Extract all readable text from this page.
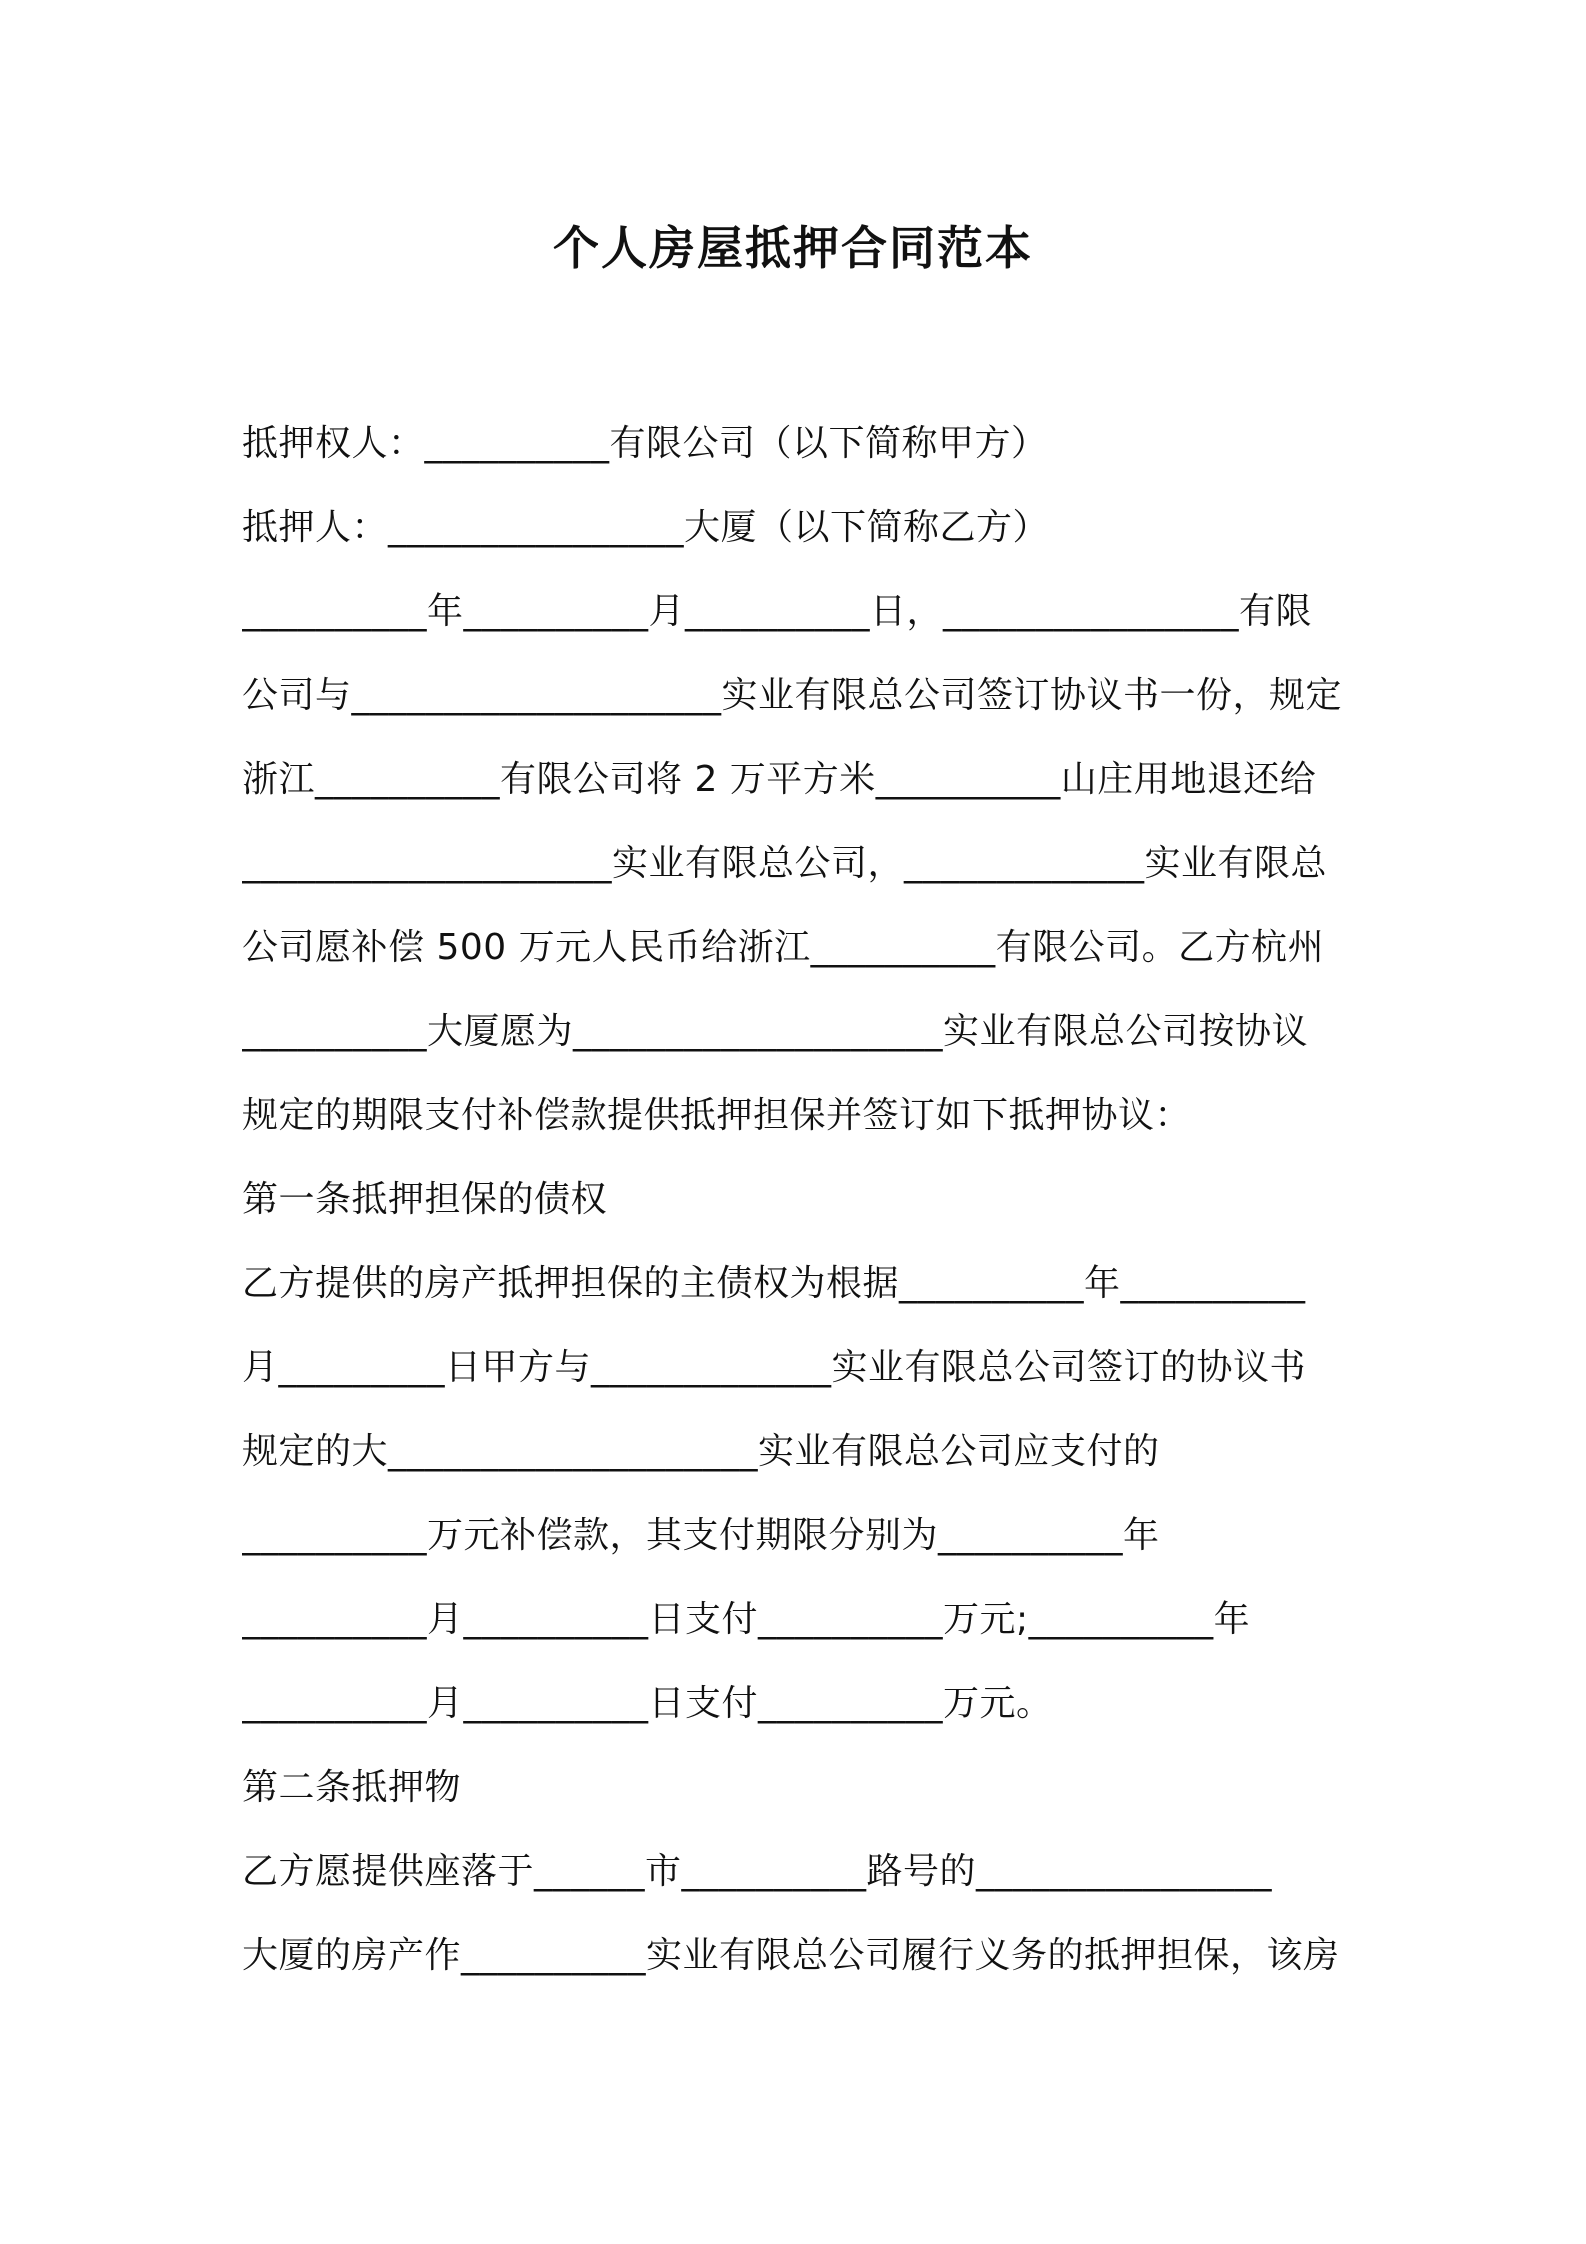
个人房屋抵押合同范本
抵押权人：__________有限公司（以下简称甲方）
抵押人：________________大厦（以下简称乙方）
__________年__________月__________日，________________有限
公司与____________________实业有限总公司签订协议书一份，规定
浙江__________有限公司将 2 万平方米__________山庄用地退还给
____________________实业有限总公司，_____________实业有限总
公司愿补偿 500 万元人民币给浙江__________有限公司。乙方杭州
__________大厦愿为____________________实业有限总公司按协议
规定的期限支付补偿款提供抵押担保并签订如下抵押协议：
第一条抵押担保的债权
乙方提供的房产抵押担保的主债权为根据__________年__________
月_________日甲方与_____________实业有限总公司签订的协议书
规定的大____________________实业有限总公司应支付的
__________万元补偿款，其支付期限分别为__________年
__________月__________日支付__________万元;__________年
__________月__________日支付__________万元。
第二条抵押物
乙方愿提供座落于______市__________路号的________________
大厦的房产作__________实业有限总公司履行义务的抵押担保，该房
